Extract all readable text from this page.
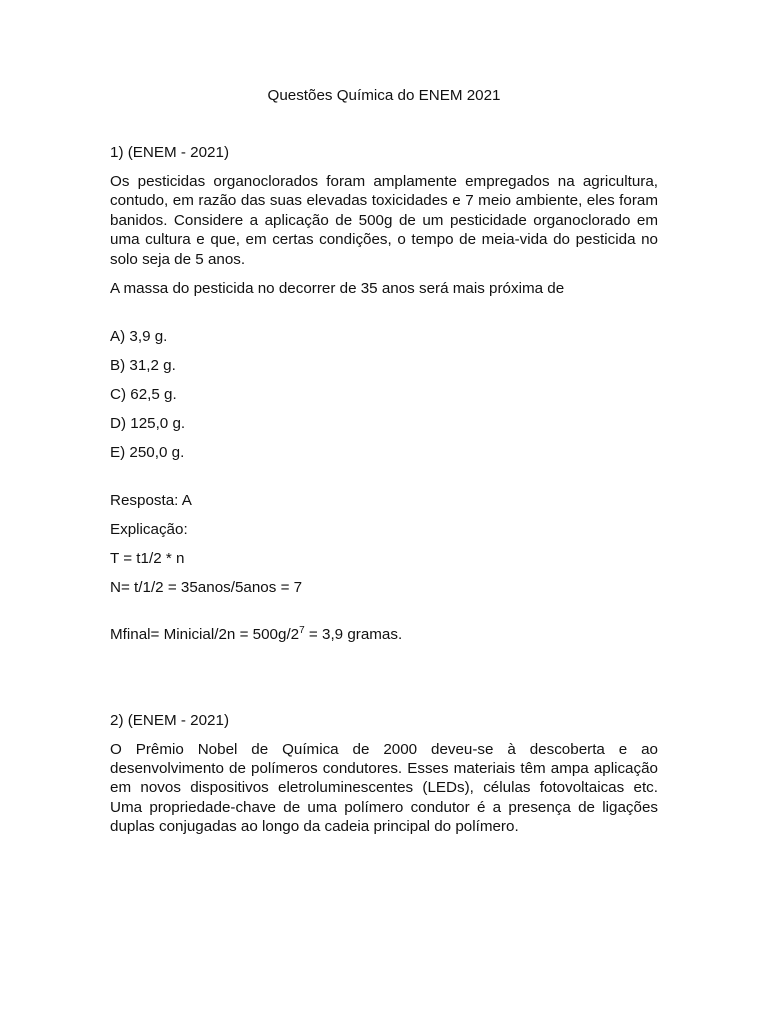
Questões Química do ENEM 2021

1) (ENEM - 2021)

Os pesticidas organoclorados foram amplamente empregados na agricultura, contudo, em razão das suas elevadas toxicidades e 7 meio ambiente, eles foram banidos. Considere a aplicação de 500g de um pesticidade organoclorado em uma cultura e que, em certas condições, o tempo de meia-vida do pesticida no solo seja de 5 anos.

A massa do pesticida no decorrer de 35 anos será mais próxima de

A) 3,9 g.

B) 31,2 g.

C) 62,5 g.

D) 125,0 g.

E) 250,0 g.

Resposta: A

Explicação:

T = t1/2 * n

N= t/1/2 = 35anos/5anos = 7

Mfinal= Minicial/2n = $500g/2^7 = 3,9$ gramas.

2) (ENEM - 2021)

O Prêmio Nobel de Química de 2000 deveu-se à descoberta e ao desenvolvimento de polímeros condutores. Esses materiais têm ampa aplicação em novos dispositivos eletroluminescentes (LEDs), células fotovoltaicas etc. Uma propriedade-chave de uma polímero condutor é a presença de ligações duplas conjugadas ao longo da cadeia principal do polímero.
